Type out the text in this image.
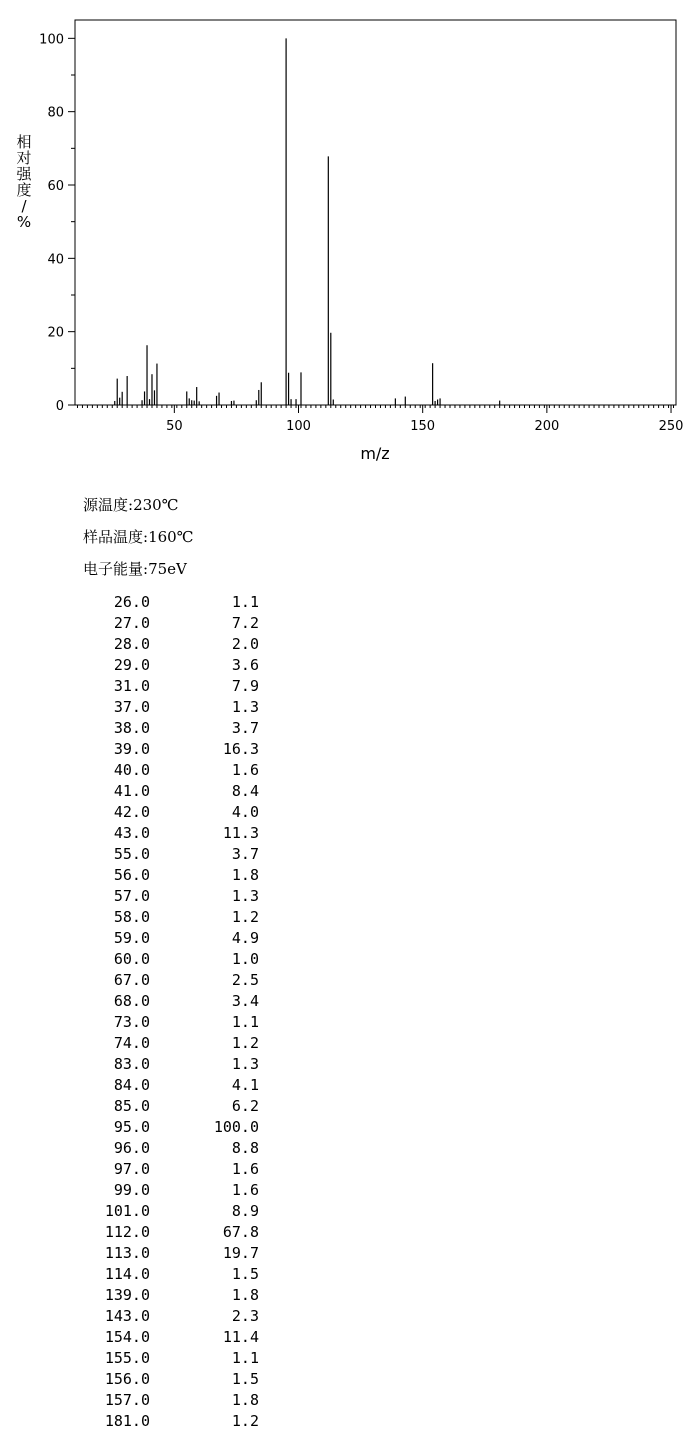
0
20
40
60
80
100
50	100	150	200	250
m/z
相对强度/ %
源温度:230℃
样品温度:160℃
电子能量:75eV
26.0	1.1
27.0	7.2
28.0	2.0
29.0	3.6
31.0	7.9
37.0	1.3
38.0	3.7
39.0	16.3
40.0	1.6
41.0	8.4
42.0	4.0
43.0	11.3
55.0	3.7
56.0	1.8
57.0	1.3
58.0	1.2
59.0	4.9
60.0	1.0
67.0	2.5
68.0	3.4
73.0	1.1
74.0	1.2
83.0	1.3
84.0	4.1
85.0	6.2
95.0	100.0
96.0	8.8
97.0	1.6
99.0	1.6
101.0	8.9
112.0	67.8
113.0	19.7
114.0	1.5
139.0	1.8
143.0	2.3
154.0	11.4
155.0	1.1
156.0	1.5
157.0	1.8
181.0	1.2
